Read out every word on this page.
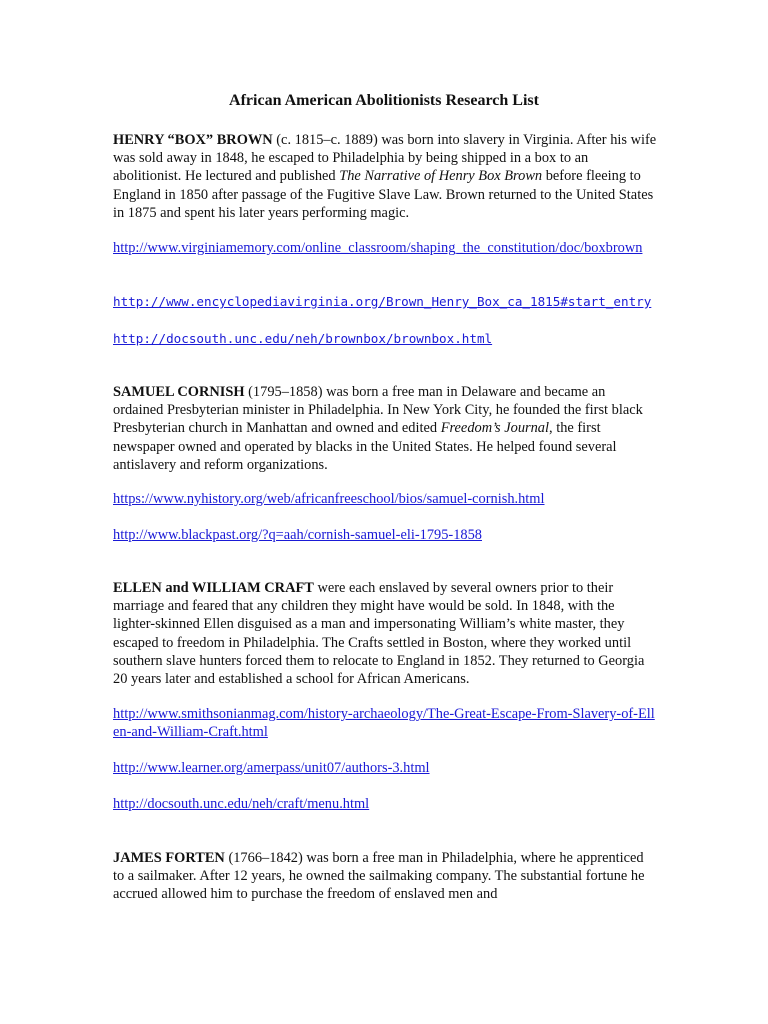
African American Abolitionists Research List

HENRY “BOX” BROWN (c. 1815–c. 1889) was born into slavery in Virginia. After his wife was sold away in 1848, he escaped to Philadelphia by being shipped in a box to an abolitionist. He lectured and published The Narrative of Henry Box Brown before fleeing to England in 1850 after passage of the Fugitive Slave Law. Brown returned to the United States in 1875 and spent his later years performing magic.

http://www.virginiamemory.com/online_classroom/shaping_the_constitution/doc/boxbrown
http://www.encyclopediavirginia.org/Brown_Henry_Box_ca_1815#start_entry
http://docsouth.unc.edu/neh/brownbox/brownbox.html

SAMUEL CORNISH (1795–1858) was born a free man in Delaware and became an ordained Presbyterian minister in Philadelphia. In New York City, he founded the first black Presbyterian church in Manhattan and owned and edited Freedom’s Journal, the first newspaper owned and operated by blacks in the United States. He helped found several antislavery and reform organizations.

https://www.nyhistory.org/web/africanfreeschool/bios/samuel-cornish.html
http://www.blackpast.org/?q=aah/cornish-samuel-eli-1795-1858

ELLEN and WILLIAM CRAFT were each enslaved by several owners prior to their marriage and feared that any children they might have would be sold. In 1848, with the lighter-skinned Ellen disguised as a man and impersonating William’s white master, they escaped to freedom in Philadelphia. The Crafts settled in Boston, where they worked until southern slave hunters forced them to relocate to England in 1852. They returned to Georgia 20 years later and established a school for African Americans.

http://www.smithsonianmag.com/history-archaeology/The-Great-Escape-From-Slavery-of-Ellen-and-William-Craft.html
http://www.learner.org/amerpass/unit07/authors-3.html
http://docsouth.unc.edu/neh/craft/menu.html

JAMES FORTEN (1766–1842) was born a free man in Philadelphia, where he apprenticed to a sailmaker. After 12 years, he owned the sailmaking company. The substantial fortune he accrued allowed him to purchase the freedom of enslaved men and
